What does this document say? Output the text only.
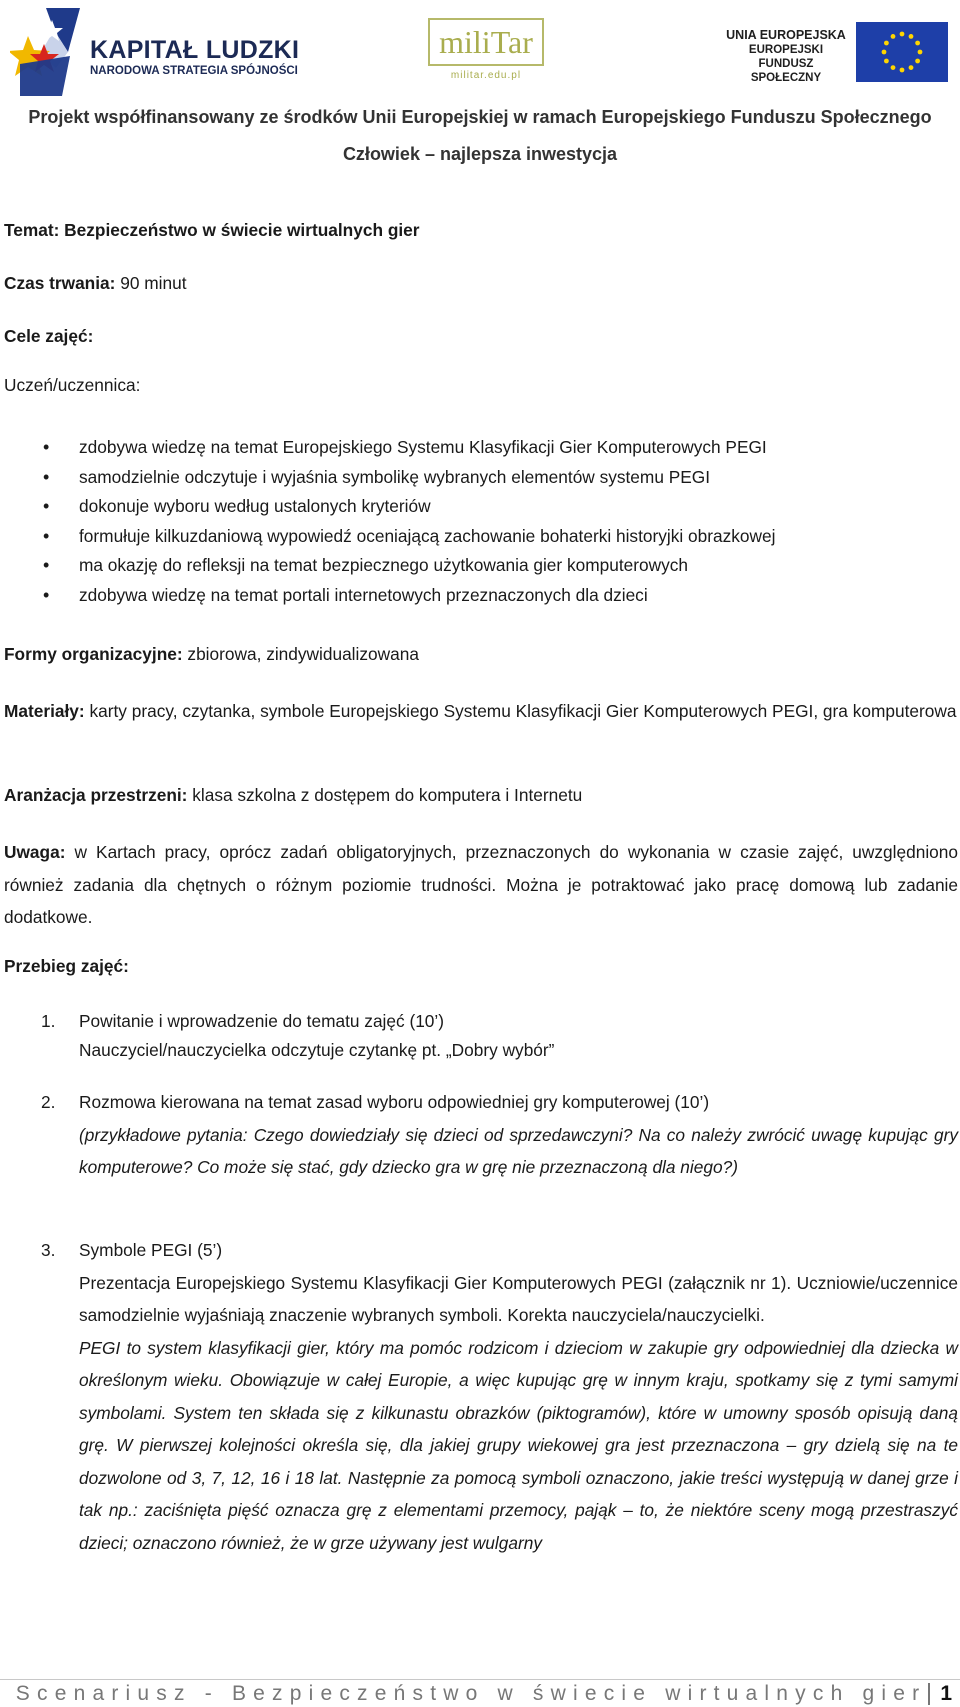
KAPITAŁ LUDZKI
NARODOWA STRATEGIA SPÓJNOŚCI
miliTar
militar.edu.pl
UNIA EUROPEJSKA
EUROPEJSKI
FUNDUSZ SPOŁECZNY
Projekt współfinansowany ze środków Unii Europejskiej w ramach Europejskiego Funduszu Społecznego
Człowiek – najlepsza inwestycja
Temat: Bezpieczeństwo w świecie wirtualnych gier
Czas trwania: 90 minut
Cele zajęć:
Uczeń/uczennica:
• zdobywa wiedzę na temat Europejskiego Systemu Klasyfikacji Gier Komputerowych PEGI
• samodzielnie odczytuje i wyjaśnia symbolikę wybranych elementów systemu PEGI
• dokonuje wyboru według ustalonych kryteriów
• formułuje kilkuzdaniową wypowiedź oceniającą zachowanie bohaterki historyjki obrazkowej
• ma okazję do refleksji na temat bezpiecznego użytkowania gier komputerowych
• zdobywa wiedzę na temat portali internetowych przeznaczonych dla dzieci
Formy organizacyjne: zbiorowa, zindywidualizowana
Materiały: karty pracy, czytanka, symbole Europejskiego Systemu Klasyfikacji Gier Komputerowych PEGI, gra komputerowa
Aranżacja przestrzeni: klasa szkolna z dostępem do komputera i Internetu
Uwaga: w Kartach pracy, oprócz zadań obligatoryjnych, przeznaczonych do wykonania w czasie zajęć, uwzględniono również zadania dla chętnych o różnym poziomie trudności. Można je potraktować jako pracę domową lub zadanie dodatkowe.
Przebieg zajęć:
1. Powitanie i wprowadzenie do tematu zajęć (10’)
Nauczyciel/nauczycielka odczytuje czytankę pt. „Dobry wybór”
2. Rozmowa kierowana na temat zasad wyboru odpowiedniej gry komputerowej (10’)
(przykładowe pytania: Czego dowiedziały się dzieci od sprzedawczyni? Na co należy zwrócić uwagę kupując gry komputerowe? Co może się stać, gdy dziecko gra w grę nie przeznaczoną dla niego?)
3. Symbole PEGI (5’)
Prezentacja Europejskiego Systemu Klasyfikacji Gier Komputerowych PEGI (załącznik nr 1). Uczniowie/uczennice samodzielnie wyjaśniają znaczenie wybranych symboli. Korekta nauczyciela/nauczycielki.
PEGI to system klasyfikacji gier, który ma pomóc rodzicom i dzieciom w zakupie gry odpowiedniej dla dziecka w określonym wieku. Obowiązuje w całej Europie, a więc kupując grę w innym kraju, spotkamy się z tymi samymi symbolami. System ten składa się z kilkunastu obrazków (piktogramów), które w umowny sposób opisują daną grę. W pierwszej kolejności określa się, dla jakiej grupy wiekowej gra jest przeznaczona – gry dzielą się na te dozwolone od 3, 7, 12, 16 i 18 lat. Następnie za pomocą symboli oznaczono, jakie treści występują w danej grze i tak np.: zaciśnięta pięść oznacza grę z elementami przemocy, pająk – to, że niektóre sceny mogą przestraszyć dzieci; oznaczono również, że w grze używany jest wulgarny
Scenariusz - Bezpieczeństwo w świecie wirtualnych gier 1
